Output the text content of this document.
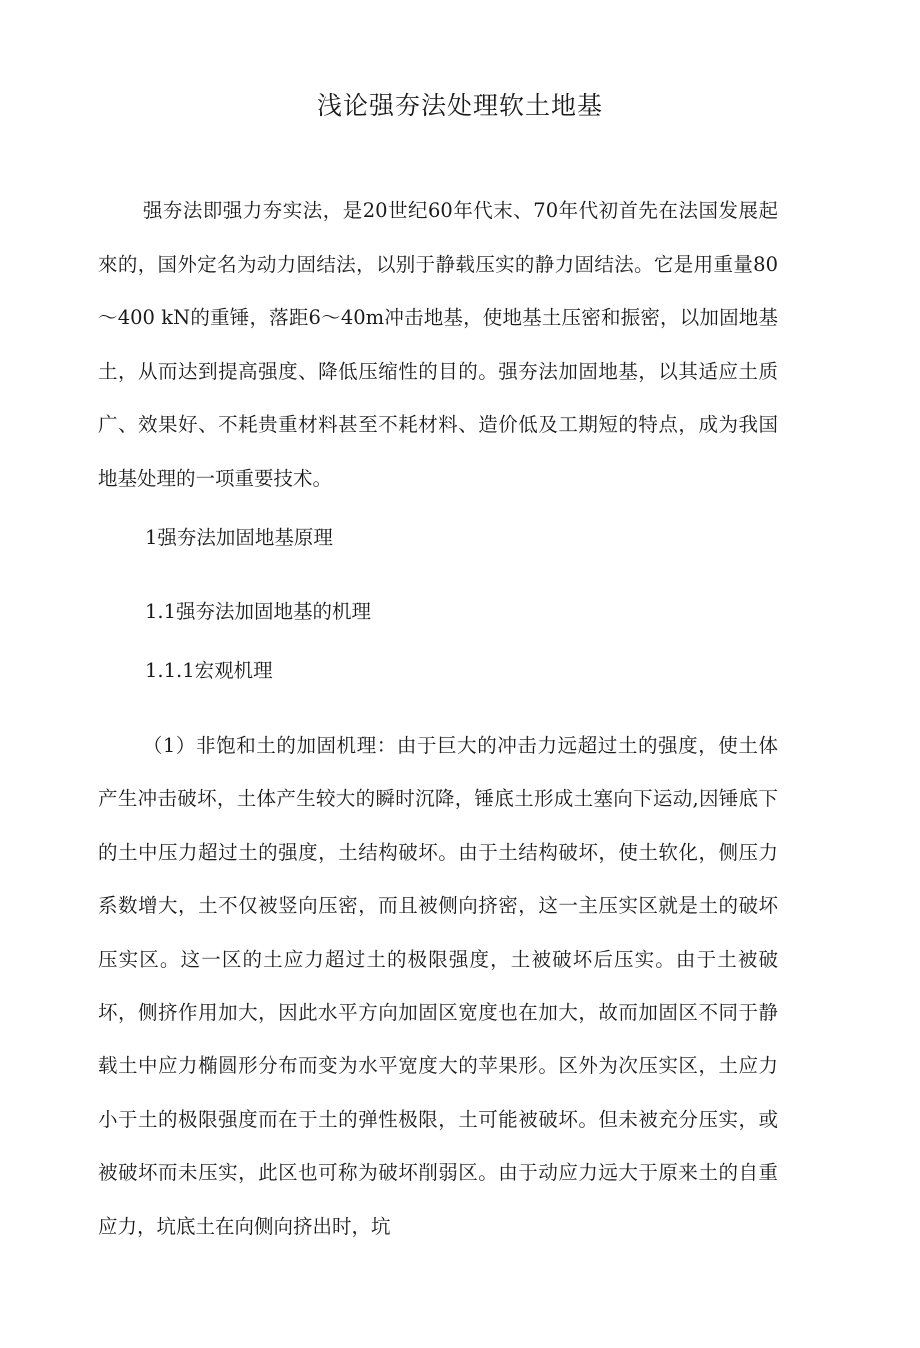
浅论强夯法处理软土地基

强夯法即强力夯实法，是20世纪60年代末、70年代初首先在法国发展起來的，国外定名为动力固结法，以别于静载压实的静力固结法。它是用重量80～400 kN的重锤，落距6～40m冲击地基，使地基土压密和振密，以加固地基土，从而达到提高强度、降低压缩性的目的。强夯法加固地基，以其适应土质广、效果好、不耗贵重材料甚至不耗材料、造价低及工期短的特点，成为我国地基处理的一项重要技术。

1强夯法加固地基原理
1.1强夯法加固地基的机理
1.1.1宏观机理

（1）非饱和土的加固机理：由于巨大的冲击力远超过土的强度，使土体产生冲击破坏，土体产生较大的瞬时沉降，锤底土形成土塞向下运动,因锤底下的土中压力超过土的强度，土结构破坏。由于土结构破坏，使土软化，侧压力系数增大，土不仅被竖向压密，而且被侧向挤密，这一主压实区就是土的破坏压实区。这一区的土应力超过土的极限强度，土被破坏后压实。由于土被破坏，侧挤作用加大，因此水平方向加固区宽度也在加大，故而加固区不同于静载土中应力椭圆形分布而变为水平宽度大的苹果形。区外为次压实区，土应力小于土的极限强度而在于土的弹性极限，土可能被破坏。但未被充分压实，或被破坏而未压实，此区也可称为破坏削弱区。由于动应力远大于原来土的自重应力，坑底土在向侧向挤出时，坑
